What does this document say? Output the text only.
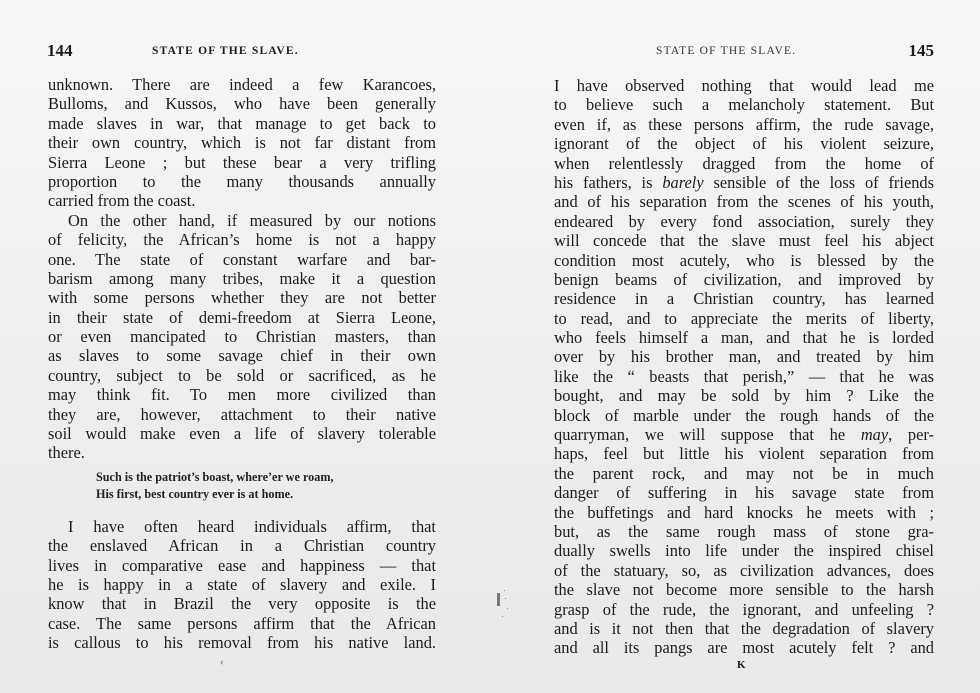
144	STATE OF THE SLAVE.
unknown. There are indeed a few Karancoes,
Bulloms, and Kussos, who have been generally
made slaves in war, that manage to get back to
their own country, which is not far distant from
Sierra Leone ; but these bear a very trifling
proportion to the many thousands annually
carried from the coast.
On the other hand, if measured by our notions
of felicity, the African’s home is not a happy
one. The state of constant warfare and bar-
barism among many tribes, make it a question
with some persons whether they are not better
in their state of demi-freedom at Sierra Leone,
or even mancipated to Christian masters, than
as slaves to some savage chief in their own
country, subject to be sold or sacrificed, as he
may think fit. To men more civilized than
they are, however, attachment to their native
soil would make even a life of slavery tolerable
there.
Such is the patriot’s boast, where’er we roam,
His first, best country ever is at home.
I have often heard individuals affirm, that
the enslaved African in a Christian country
lives in comparative ease and happiness — that
he is happy in a state of slavery and exile. I
know that in Brazil the very opposite is the
case. The same persons affirm that the African
is callous to his removal from his native land.
‹
STATE OF THE SLAVE.	145
I have observed nothing that would lead me
to believe such a melancholy statement. But
even if, as these persons affirm, the rude savage,
ignorant of the object of his violent seizure,
when relentlessly dragged from the home of
his fathers, is barely sensible of the loss of friends
and of his separation from the scenes of his youth,
endeared by every fond association, surely they
will concede that the slave must feel his abject
condition most acutely, who is blessed by the
benign beams of civilization, and improved by
residence in a Christian country, has learned
to read, and to appreciate the merits of liberty,
who feels himself a man, and that he is lorded
over by his brother man, and treated by him
like the “ beasts that perish,” — that he was
bought, and may be sold by him ? Like the
block of marble under the rough hands of the
quarryman, we will suppose that he may, per-
haps, feel but little his violent separation from
the parent rock, and may not be in much
danger of suffering in his savage state from
the buffetings and hard knocks he meets with ;
but, as the same rough mass of stone gra-
dually swells into life under the inspired chisel
of the statuary, so, as civilization advances, does
the slave not become more sensible to the harsh
grasp of the rude, the ignorant, and unfeeling ?
and is it not then that the degradation of slavery
and all its pangs are most acutely felt ? and
K
